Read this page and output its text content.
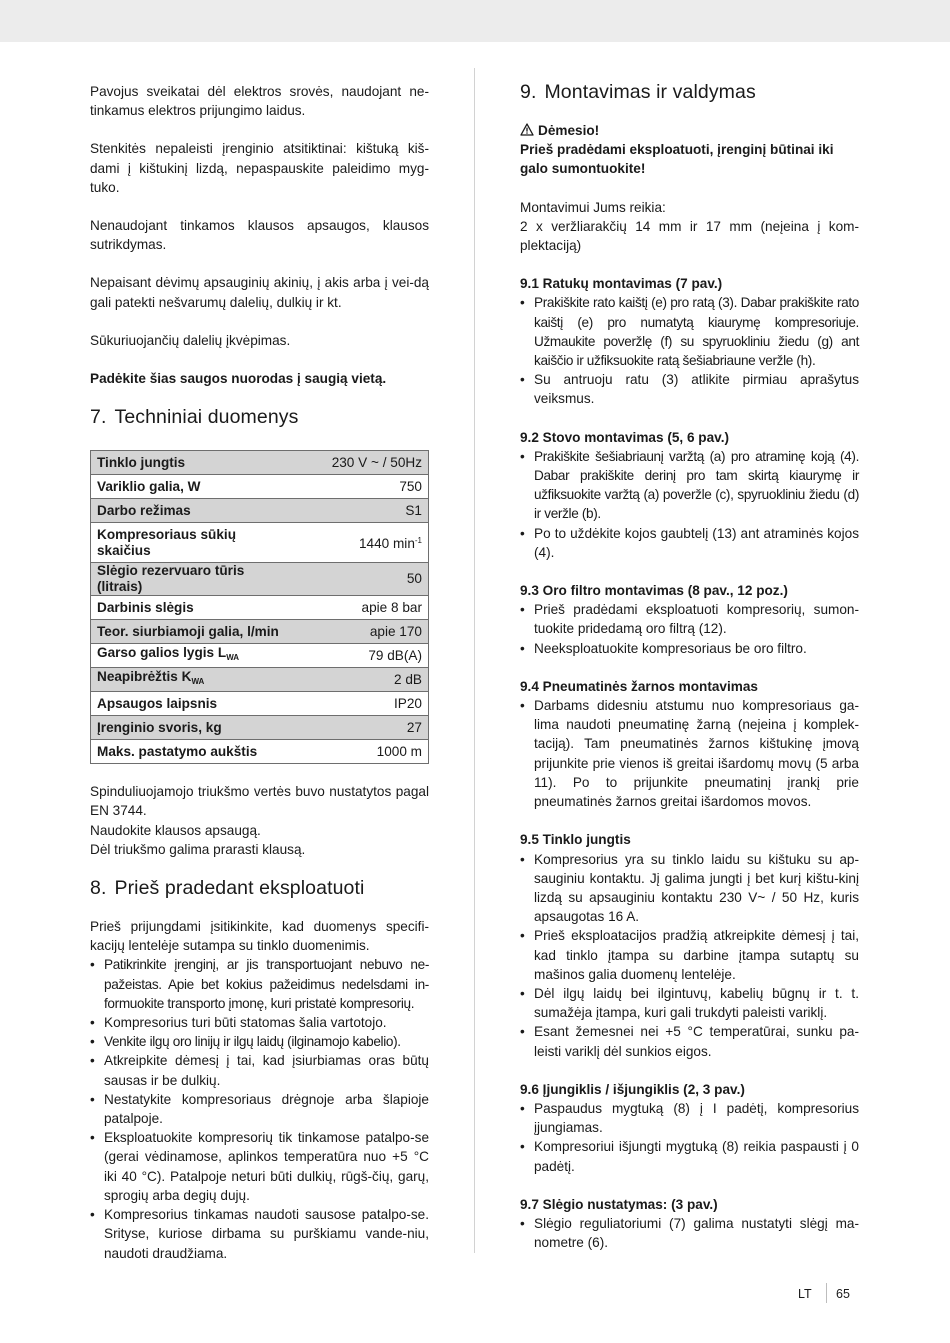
Pavojus sveikatai dėl elektros srovės, naudojant ne-tinkamus elektros prijungimo laidus.

Stenkitės nepaleisti įrenginio atsitiktinai: kištuką kiš-dami į kištukinį lizdą, nepaspauskite paleidimo myg-tuko.

Nenaudojant tinkamos klausos apsaugos, klausos sutrikdymas.

Nepaisant dėvimų apsauginių akinių, į akis arba į vei-dą gali patekti nešvarumų dalelių, dulkių ir kt.

Sūkuriuojančių dalelių įkvėpimas.

Padėkite šias saugos nuorodas į saugią vietą.

7. Techniniai duomenys
Tinklo jungtis	230 V ~ / 50Hz
Variklio galia, W	750
Darbo režimas	S1
Kompresoriaus sūkių skaičius	1440 $\min^{-1}$
Slėgio rezervuaro tūris (litrais)	50
Darbinis slėgis	apie 8 bar
Teor. siurbiamoji galia, l/min	apie 170
Garso galios lygis $L_{WA}$	79 dB(A)
Neapibrėžtis $K_{WA}$	2 dB
Apsaugos laipsnis	IP20
Įrenginio svoris, kg	27
Maks. pastatymo aukštis	1000 m

Spinduliuojamojo triukšmo vertės buvo nustatytos pagal EN 3744.

Naudokite klausos apsaugą.

Dėl triukšmo galima prarasti klausą.

8. Prieš pradedant eksploatuoti

Prieš prijungdami įsitikinkite, kad duomenys specifi-kacijų lentelėje sutampa su tinklo duomenimis.

• Patikrinkite įrenginį, ar jis transportuojant nebuvo ne-pažeistas. Apie bet kokius pažeidimus nedelsdami in-formuokite transporto įmonę, kuri pristatė kompresorių.
• Kompresorius turi būti statomas šalia vartotojo.
• Venkite ilgų oro linijų ir ilgų laidų (ilginamojo kabelio).
• Atkreipkite dėmesį į tai, kad įsiurbiamas oras būtų sausas ir be dulkių.
• Nestatykite kompresoriaus drėgnoje arba šlapioje patalpoje.
• Eksploatuokite kompresorių tik tinkamose patalpo-se (gerai vėdinamose, aplinkos temperatūra nuo +5 °C iki 40 °C). Patalpoje neturi būti dulkių, rūgš-čių, garų, sprogių arba degių dujų.
• Kompresorius tinkamas naudoti sausose patalpo-se. Srityse, kuriose dirbama su purškiamu vande-niu, naudoti draudžiama.
9. Montavimas ir valdymas

Dėmesio!

Prieš pradėdami eksploatuoti, įrenginį būtinai iki galo sumontuokite!

Montavimui Jums reikia:

2 x veržliarakčių 14 mm ir 17 mm (neįeina į kom-plektaciją)

9.1 Ratukų montavimas (7 pav.)

• Prakiškite rato kaištį (e) pro ratą (3). Dabar prakiškite rato kaištį (e) pro numatytą kiaurymę kompresoriuje. Užmaukite poveržlę (f) su spyruokliniu žiedu (g) ant kaiščio ir užfiksuokite ratą šešiabriaune veržle (h).
• Su antruoju ratu (3) atlikite pirmiau aprašytus veiksmus.

9.2 Stovo montavimas (5, 6 pav.)

• Prakiškite šešiabriaunį varžtą (a) pro atraminę koją (4). Dabar prakiškite derinį pro tam skirtą kiaurymę ir užfiksuokite varžtą (a) poveržle (c), spyruokliniu žiedu (d) ir veržle (b).
• Po to uždėkite kojos gaubtelį (13) ant atraminės kojos (4).

9.3 Oro filtro montavimas (8 pav., 12 poz.)

• Prieš pradėdami eksploatuoti kompresorių, sumon-tuokite pridedamą oro filtrą (12).
• Neeksploatuokite kompresoriaus be oro filtro.

9.4 Pneumatinės žarnos montavimas

• Darbams didesniu atstumu nuo kompresoriaus ga-lima naudoti pneumatinę žarną (neįeina į komplek-taciją). Tam pneumatinės žarnos kištukinę įmovą prijunkite prie vienos iš greitai išardomų movų (5 arba 11). Po to prijunkite pneumatinį įrankį prie pneumatinės žarnos greitai išardomos movos.

9.5 Tinklo jungtis

• Kompresorius yra su tinklo laidu su kištuku su ap-sauginiu kontaktu. Jį galima jungti į bet kurį kištu-kinį lizdą su apsauginiu kontaktu 230 V~ / 50 Hz, kuris apsaugotas 16 A.
• Prieš eksploatacijos pradžią atkreipkite dėmesį į tai, kad tinklo įtampa su darbine įtampa sutaptų su mašinos galia duomenų lentelėje.
• Dėl ilgų laidų bei ilgintuvų, kabelių būgnų ir t. t. sumažėja įtampa, kuri gali trukdyti paleisti variklį.
• Esant žemesnei nei +5 °C temperatūrai, sunku pa-leisti variklį dėl sunkios eigos.

9.6 Įjungiklis / išjungiklis (2, 3 pav.)

• Paspaudus mygtuką (8) į I padėtį, kompresorius įjungiamas.
• Kompresoriui išjungti mygtuką (8) reikia paspausti į 0 padėtį.

9.7 Slėgio nustatymas: (3 pav.)

• Slėgio reguliatoriumi (7) galima nustatyti slėgį ma-nometre (6).
LT 65
